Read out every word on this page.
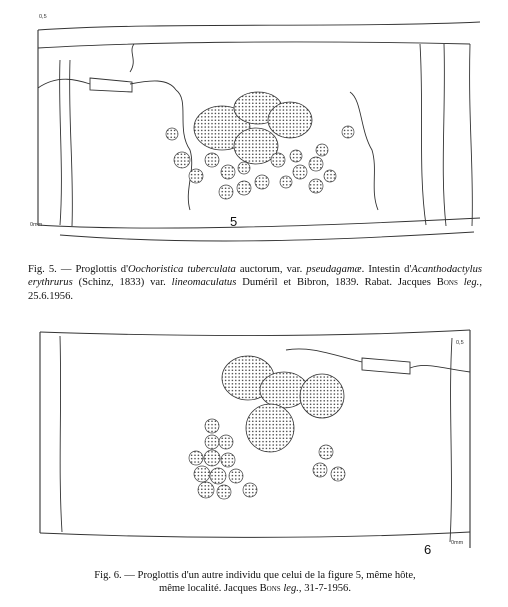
0,5
0mm	5
Fig. 5. — Proglottis d'Oochoristica tuberculata auctorum, var. pseudagamæ. Intestin d'Acanthodactylus erythrurus (Schinz, 1833) var. lineomaculatus Duméril et Bibron, 1839. Rabat. Jacques Bons leg., 25.6.1956.
0,5
0mm
6
Fig. 6. — Proglottis d'un autre individu que celui de la figure 5, même hôte,
même localité. Jacques Bons leg., 31-7-1956.
